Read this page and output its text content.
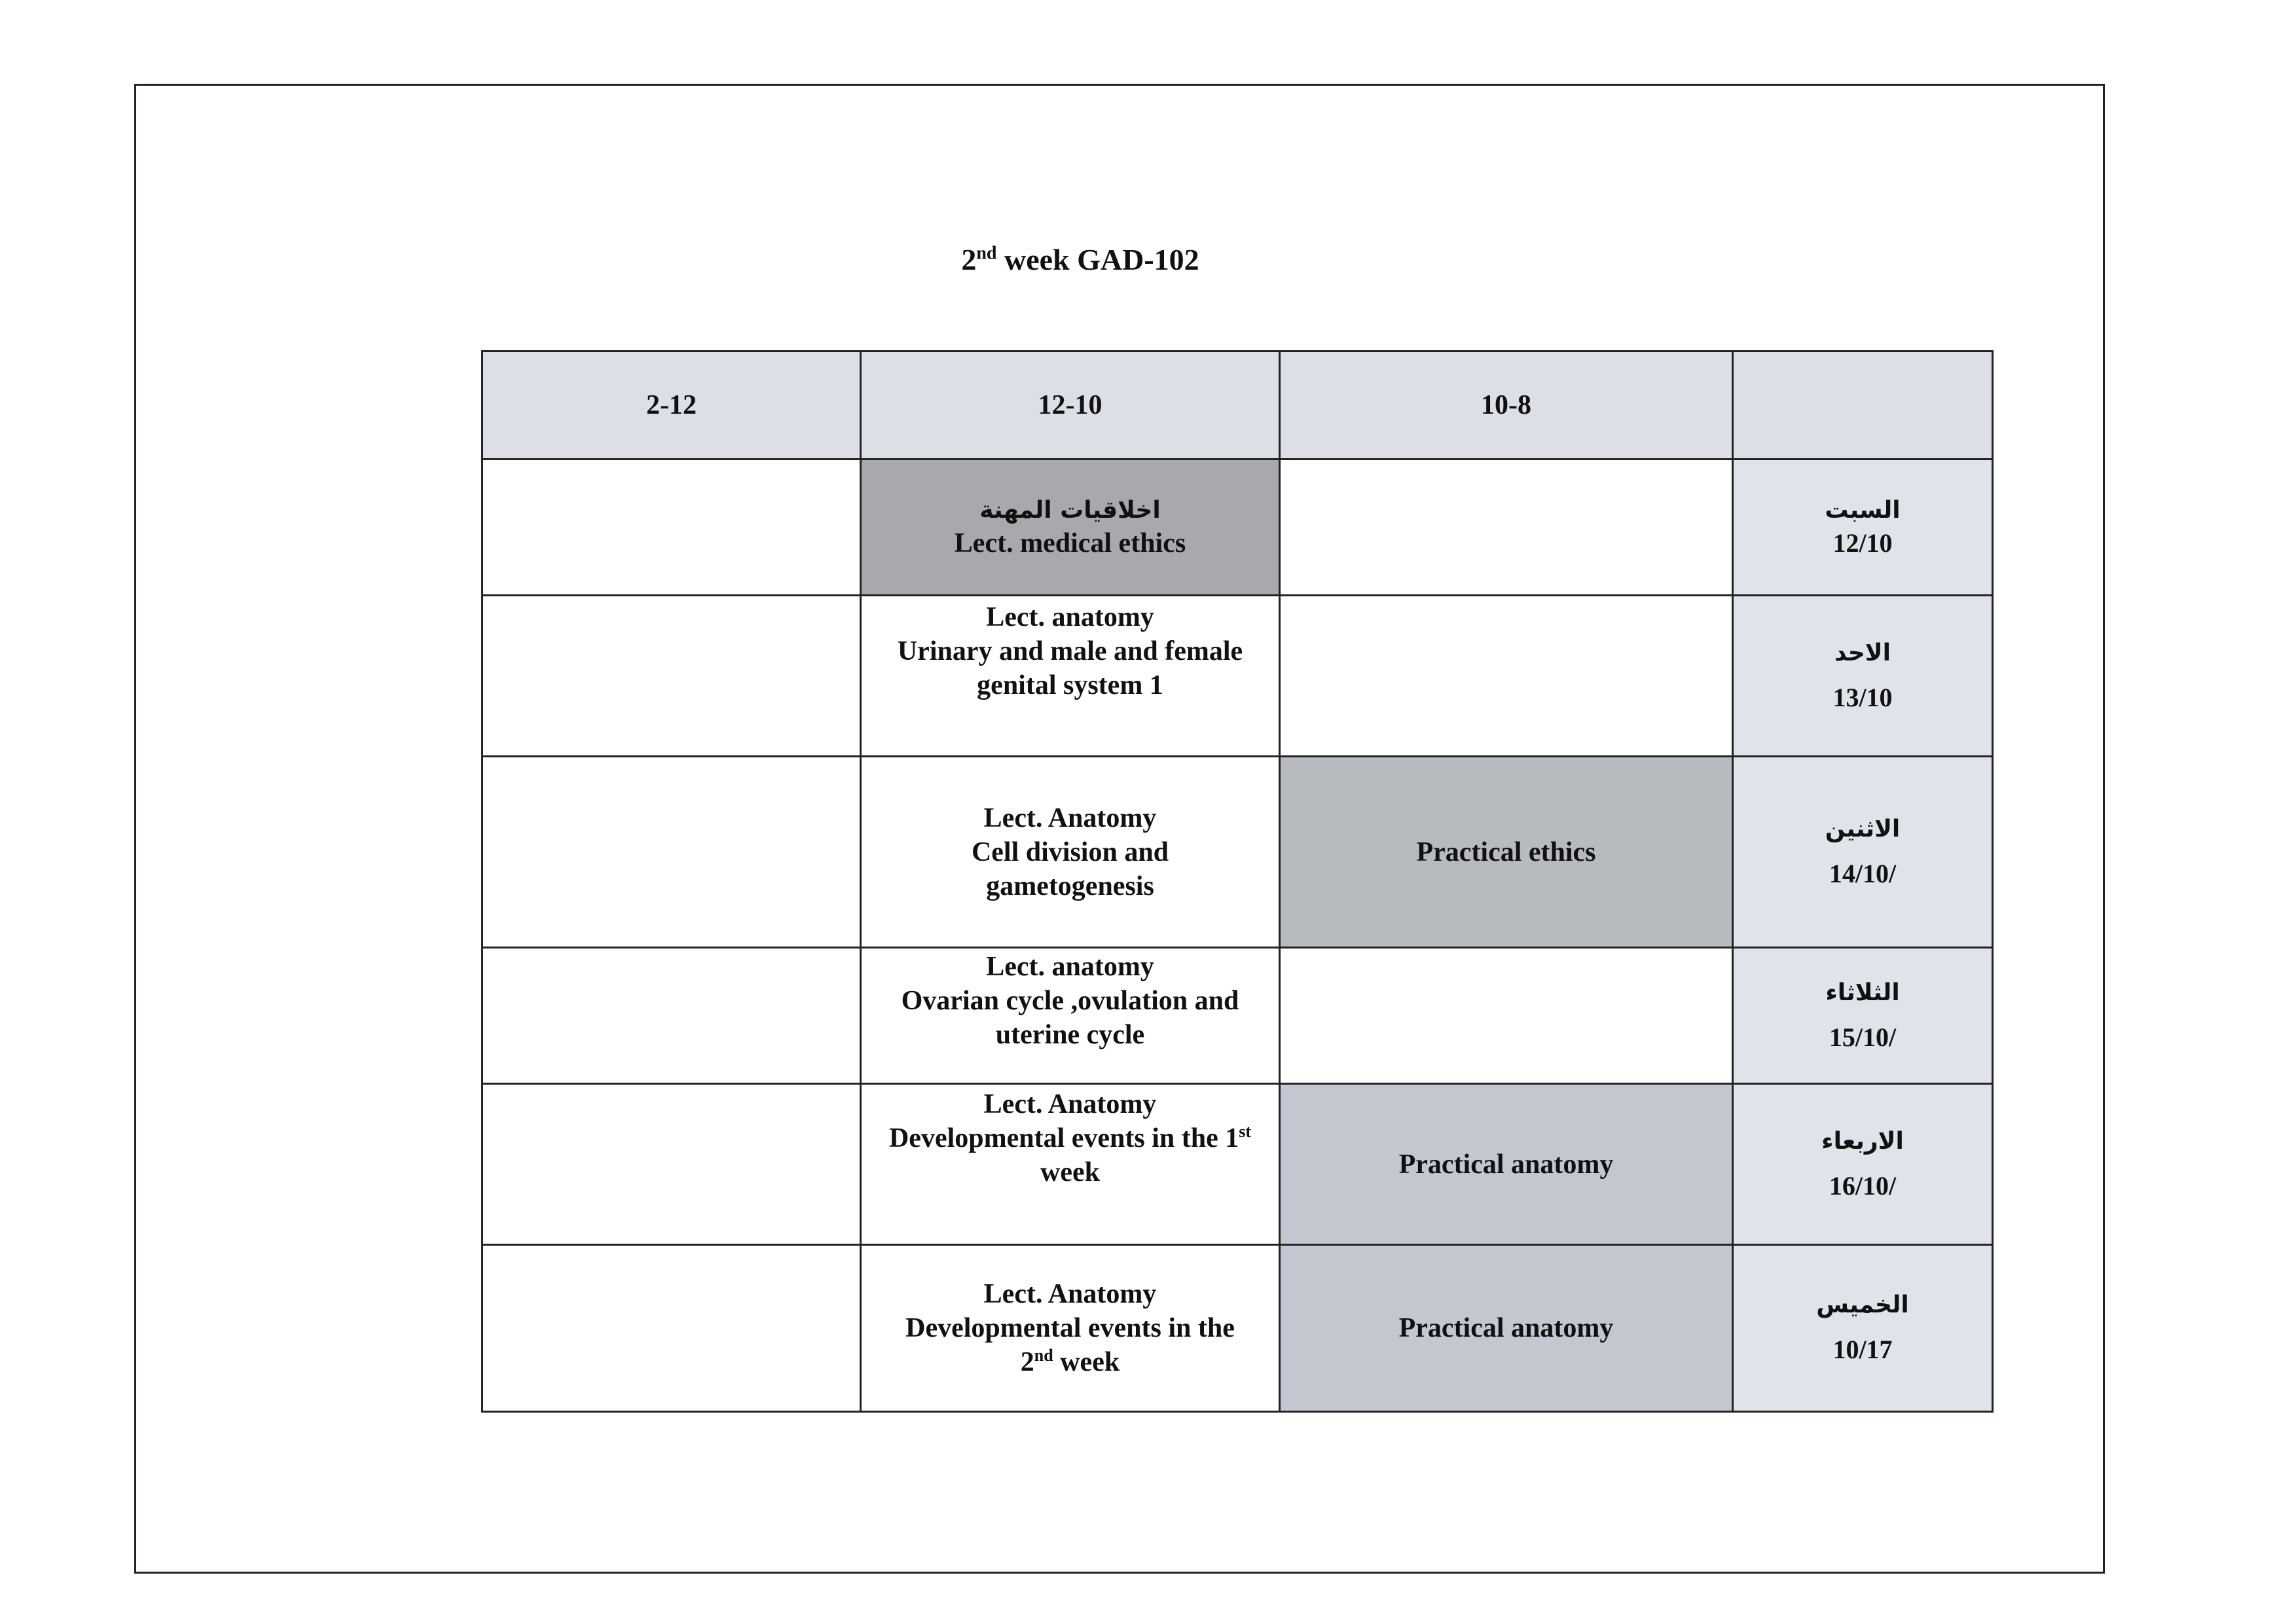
2nd week GAD-102
2-12	12-10	10-8	

	اخلاقيات المهنة
Lect. medical ethics		السبت
12/10

	Lect. anatomy
Urinary and male and female
genital system 1		الاحد
13/10

	Lect. Anatomy
Cell division and
gametogenesis	Practical ethics	الاثنين
14/10/

	Lect. anatomy
Ovarian cycle ,ovulation and
uterine cycle		الثلاثاء
15/10/

	Lect. Anatomy
Developmental events in the 1st
week	Practical anatomy	الاربعاء
16/10/

	Lect. Anatomy
Developmental events in the
2nd week	Practical anatomy	الخميس
10/17
